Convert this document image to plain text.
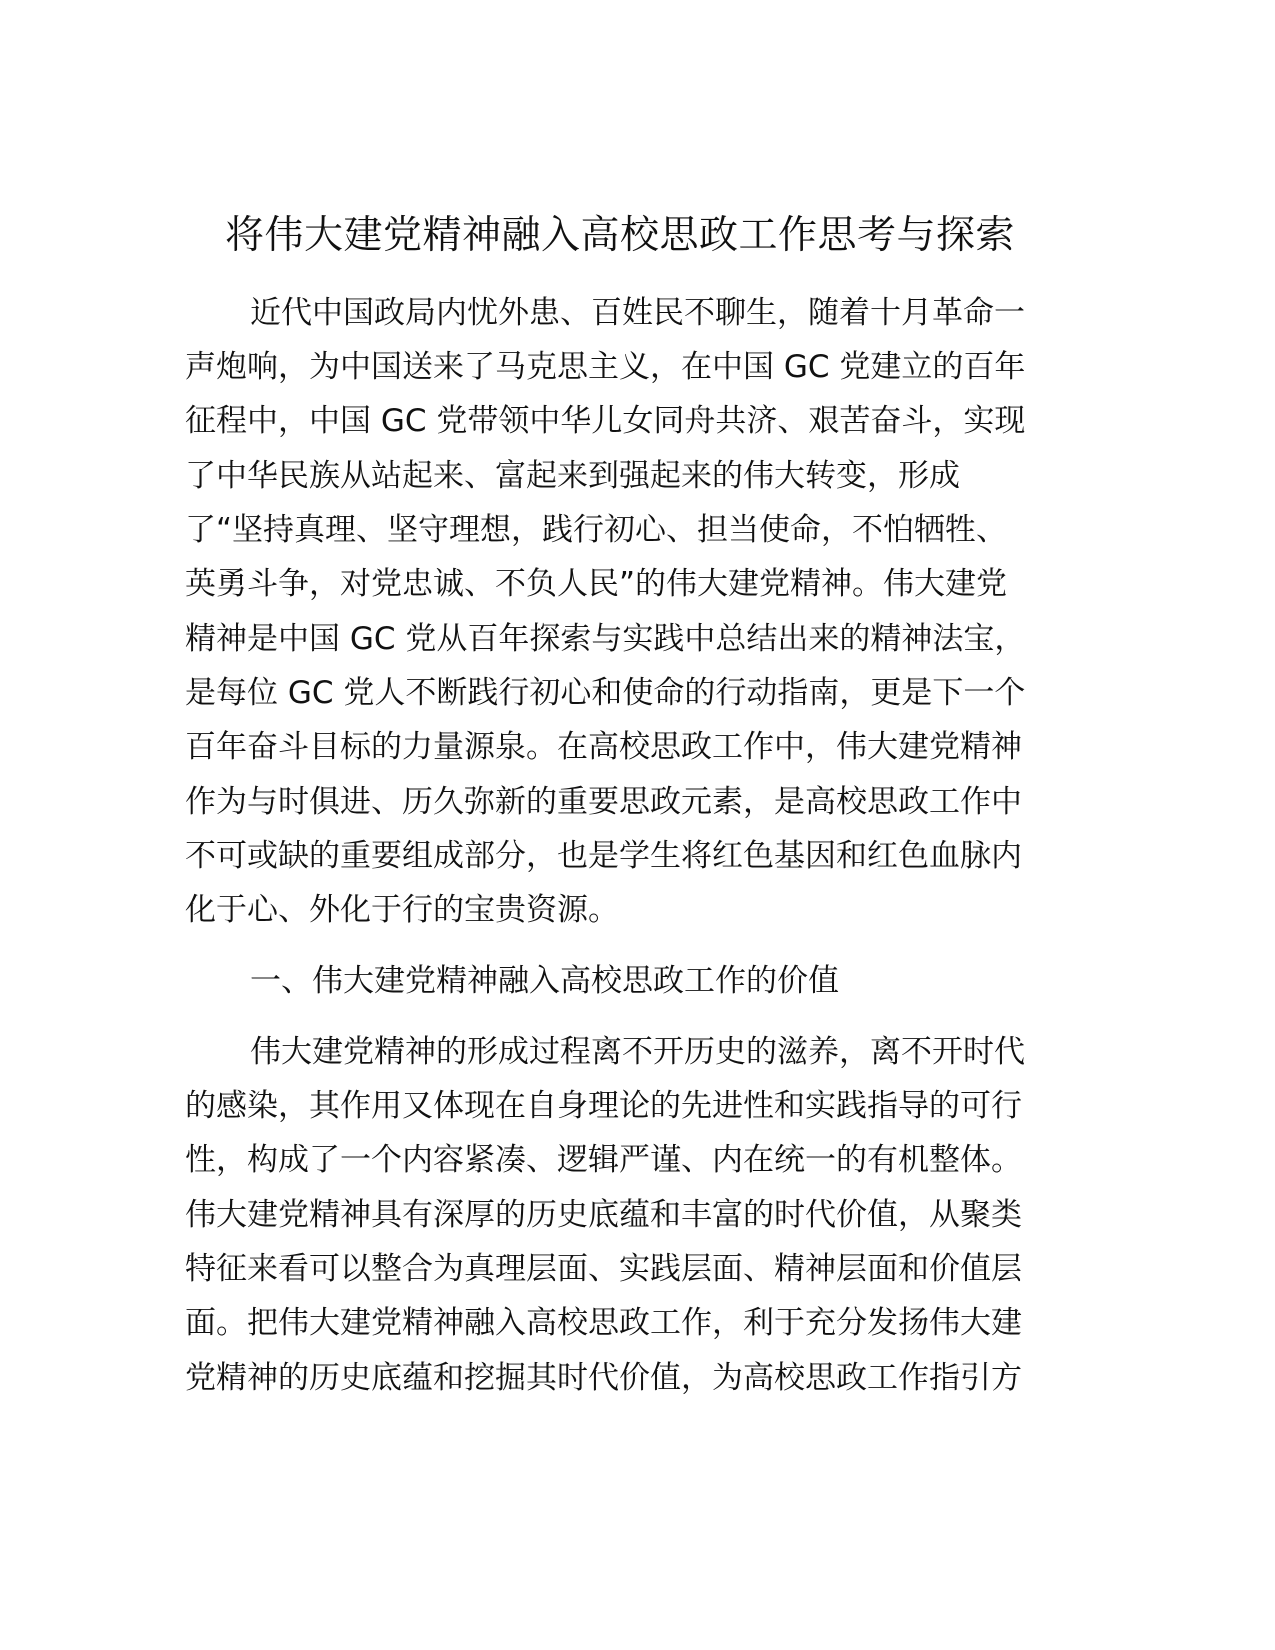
将伟大建党精神融入高校思政工作思考与探索
近代中国政局内忧外患、百姓民不聊生，随着十月革命一
声炮响，为中国送来了马克思主义，在中国 GC 党建立的百年
征程中，中国 GC 党带领中华儿女同舟共济、艰苦奋斗，实现
了中华民族从站起来、富起来到强起来的伟大转变，形成
了“坚持真理、坚守理想，践行初心、担当使命，不怕牺牲、
英勇斗争，对党忠诚、不负人民”的伟大建党精神。伟大建党
精神是中国 GC 党从百年探索与实践中总结出来的精神法宝，
是每位 GC 党人不断践行初心和使命的行动指南，更是下一个
百年奋斗目标的力量源泉。在高校思政工作中，伟大建党精神
作为与时俱进、历久弥新的重要思政元素，是高校思政工作中
不可或缺的重要组成部分，也是学生将红色基因和红色血脉内
化于心、外化于行的宝贵资源。
一、伟大建党精神融入高校思政工作的价值
伟大建党精神的形成过程离不开历史的滋养，离不开时代
的感染，其作用又体现在自身理论的先进性和实践指导的可行
性，构成了一个内容紧凑、逻辑严谨、内在统一的有机整体。
伟大建党精神具有深厚的历史底蕴和丰富的时代价值，从聚类
特征来看可以整合为真理层面、实践层面、精神层面和价值层
面。把伟大建党精神融入高校思政工作，利于充分发扬伟大建
党精神的历史底蕴和挖掘其时代价值，为高校思政工作指引方
